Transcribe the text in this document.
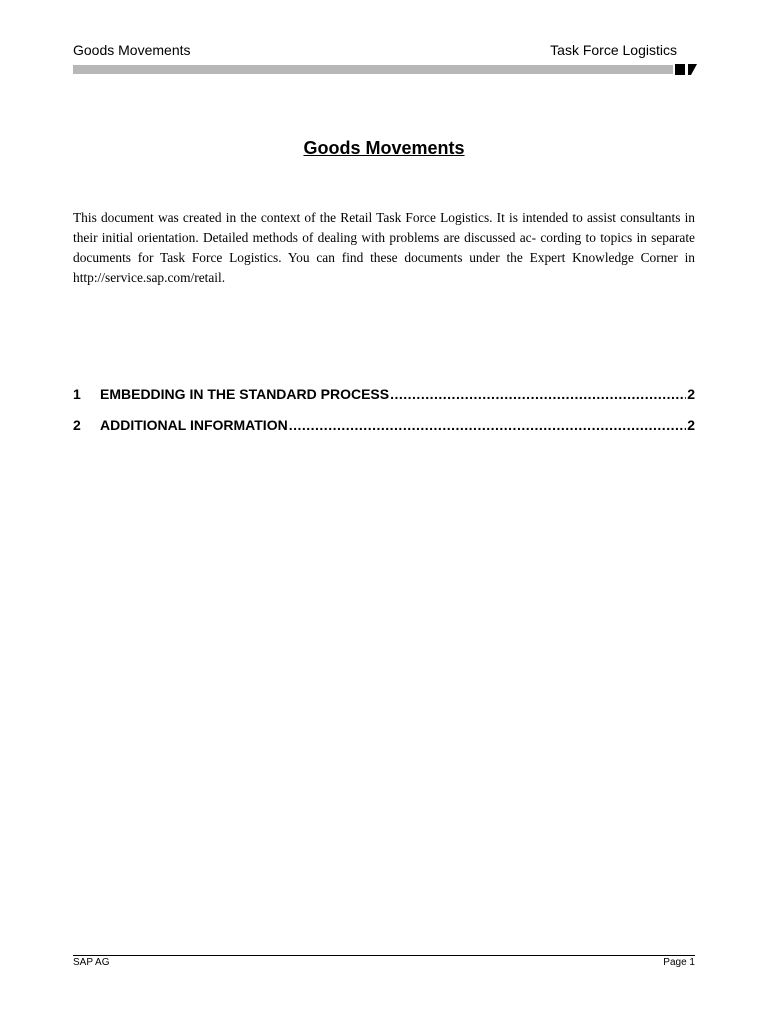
Goods Movements	Task Force Logistics
Goods Movements

This document was created in the context of the Retail Task Force Logistics. It is intended to assist consultants in their initial orientation. Detailed methods of dealing with problems are discussed ac- cording to topics in separate documents for Task Force Logistics. You can find these documents under the Expert Knowledge Corner in http://service.sap.com/retail.

1	EMBEDDING IN THE STANDARD PROCESS .....	2
2	ADDITIONAL INFORMATION .....	2
SAP AG	Page 1
